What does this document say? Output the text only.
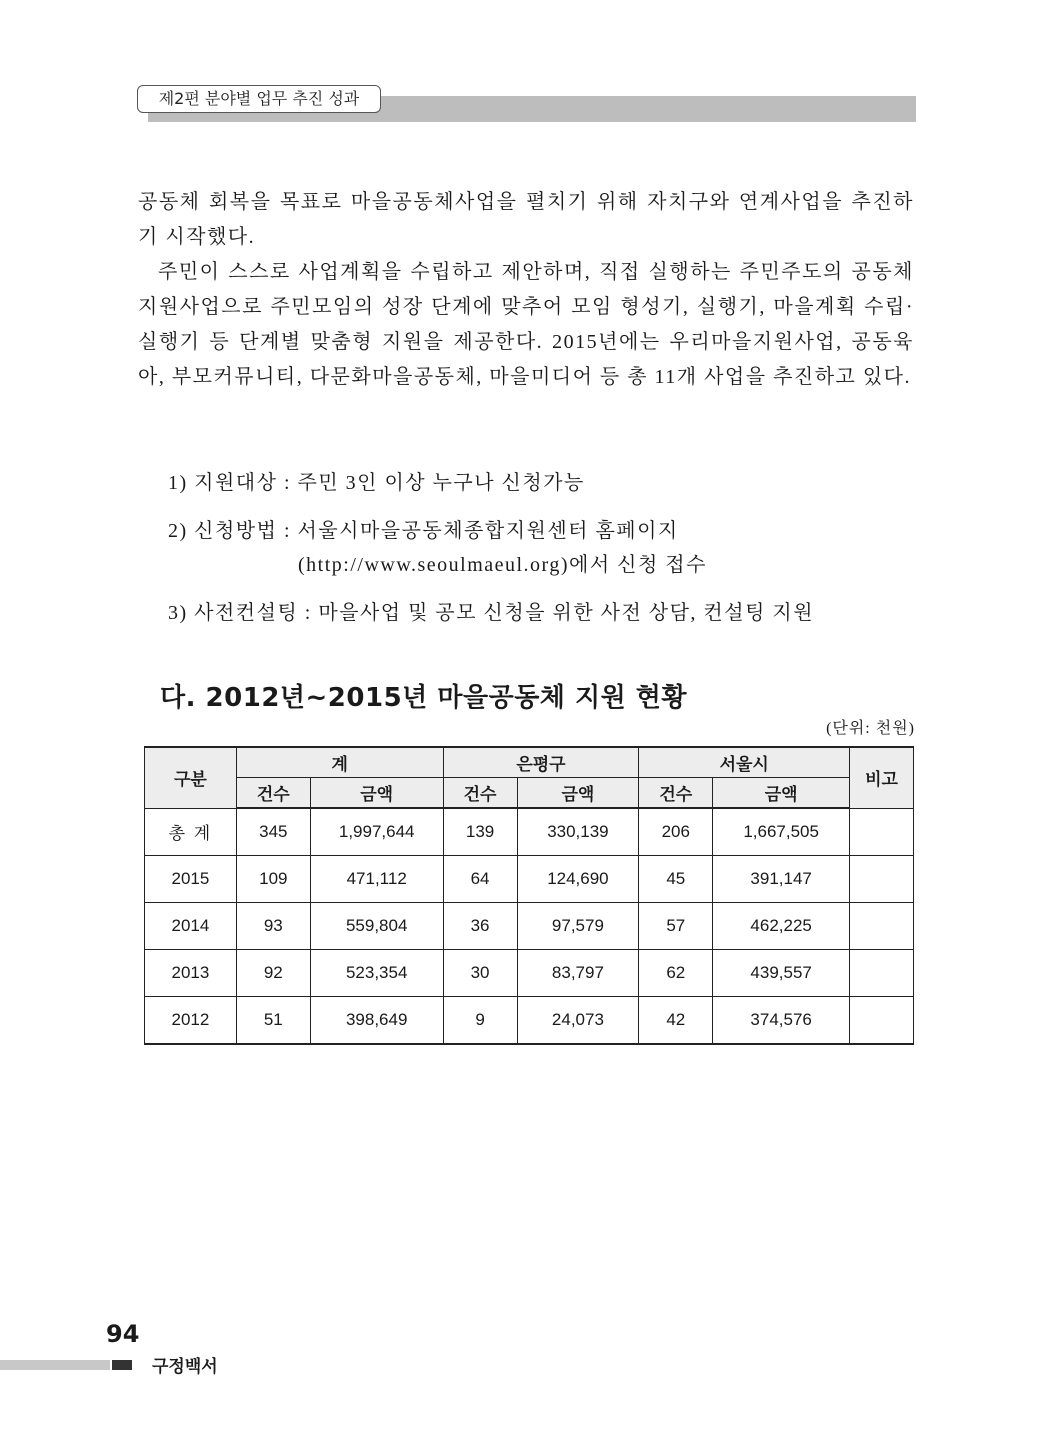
제2편 분야별 업무 추진 성과

공동체 회복을 목표로 마을공동체사업을 펼치기 위해 자치구와 연계사업을 추진하기 시작했다.

주민이 스스로 사업계획을 수립하고 제안하며, 직접 실행하는 주민주도의 공동체 지원사업으로 주민모임의 성장 단계에 맞추어 모임 형성기, 실행기, 마을계획 수립·실행기 등 단계별 맞춤형 지원을 제공한다. 2015년에는 우리마을지원사업, 공동육아, 부모커뮤니티, 다문화마을공동체, 마을미디어 등 총 11개 사업을 추진하고 있다.

1) 지원대상 : 주민 3인 이상 누구나 신청가능

2) 신청방법 : 서울시마을공동체종합지원센터 홈페이지

(http://www.seoulmaeul.org)에서 신청 접수

3) 사전컨설팅 : 마을사업 및 공모 신청을 위한 사전 상담, 컨설팅 지원

다. 2012년~2015년 마을공동체 지원 현황
(단위: 천원)
구분	계		은평구		서울시		비고
	건수	금액	건수	금액	건수	금액	
총 계	345	1,997,644	139	330,139	206	1,667,505	
2015	109	471,112	64	124,690	45	391,147	
2014	93	559,804	36	97,579	57	462,225	
2013	92	523,354	30	83,797	62	439,557	
2012	51	398,649	9	24,073	42	374,576	
94
구정백서
